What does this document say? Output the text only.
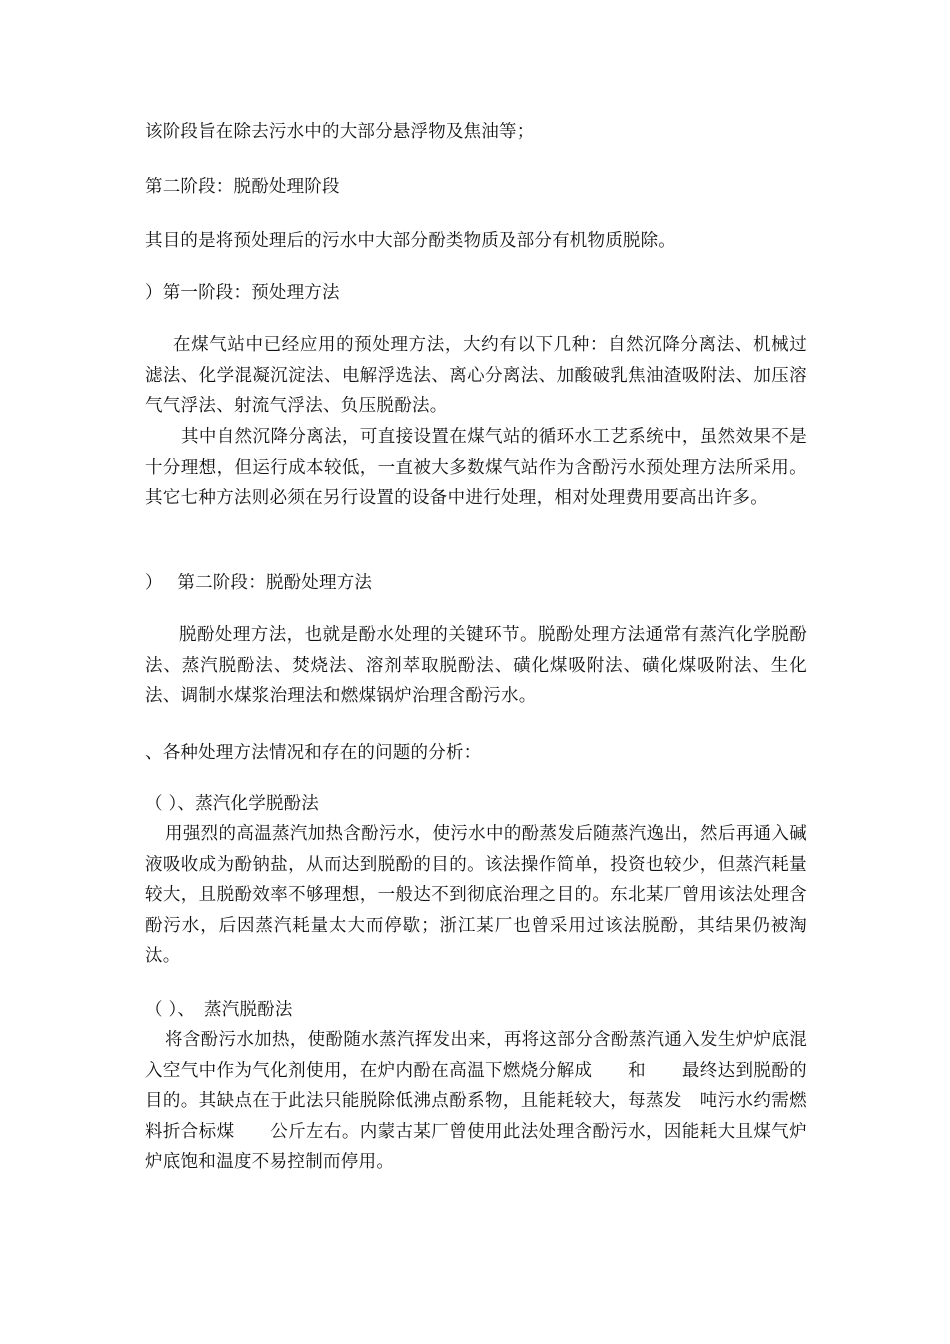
该阶段旨在除去污水中的大部分悬浮物及焦油等；
第二阶段：脱酚处理阶段
其目的是将预处理后的污水中大部分酚类物质及部分有机物质脱除。
）第一阶段：预处理方法
在煤气站中已经应用的预处理方法，大约有以下几种：自然沉降分离法、机械过滤法、化学混凝沉淀法、电解浮选法、离心分离法、加酸破乳焦油渣吸附法、加压溶气气浮法、射流气浮法、负压脱酚法。
其中自然沉降分离法，可直接设置在煤气站的循环水工艺系统中，虽然效果不是十分理想，但运行成本较低，一直被大多数煤气站作为含酚污水预处理方法所采用。其它七种方法则必须在另行设置的设备中进行处理，相对处理费用要高出许多。
）　 第二阶段：脱酚处理方法
脱酚处理方法，也就是酚水处理的关键环节。脱酚处理方法通常有蒸汽化学脱酚法、蒸汽脱酚法、焚烧法、溶剂萃取脱酚法、磺化煤吸附法、磺化煤吸附法、生化法、调制水煤浆治理法和燃煤锅炉治理含酚污水。
、各种处理方法情况和存在的问题的分析：
（ ）、蒸汽化学脱酚法
用强烈的高温蒸汽加热含酚污水，使污水中的酚蒸发后随蒸汽逸出，然后再通入碱液吸收成为酚钠盐，从而达到脱酚的目的。该法操作简单，投资也较少，但蒸汽耗量较大，且脱酚效率不够理想，一般达不到彻底治理之目的。东北某厂曾用该法处理含酚污水，后因蒸汽耗量太大而停歇；浙江某厂也曾采用过该法脱酚，其结果仍被淘汰。
（ ）、　蒸汽脱酚法
将含酚污水加热，使酚随水蒸汽挥发出来，再将这部分含酚蒸汽通入发生炉炉底混入空气中作为气化剂使用，在炉内酚在高温下燃烧分解成　　和　　最终达到脱酚的目的。其缺点在于此法只能脱除低沸点酚系物，且能耗较大，每蒸发　吨污水约需燃料折合标煤　　公斤左右。内蒙古某厂曾使用此法处理含酚污水，因能耗大且煤气炉炉底饱和温度不易控制而停用。
